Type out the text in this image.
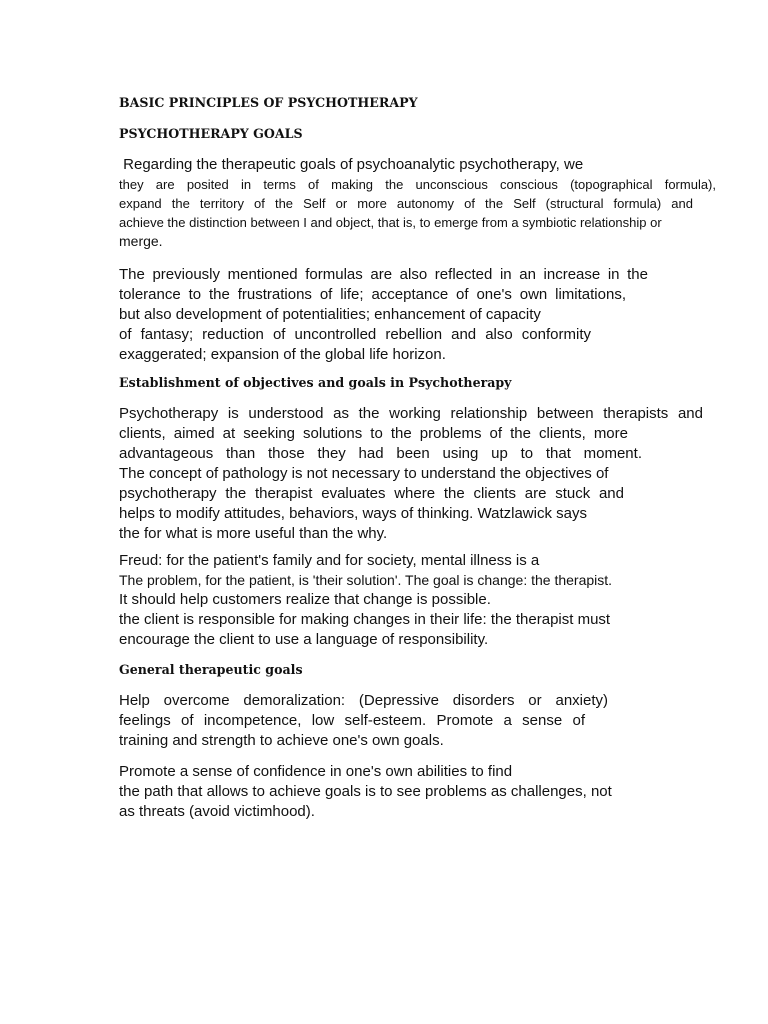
BASIC PRINCIPLES OF PSYCHOTHERAPY
PSYCHOTHERAPY GOALS
Regarding the therapeutic goals of psychoanalytic psychotherapy, we
they are posited in terms of making the unconscious conscious (topographical formula),
expand the territory of the Self or more autonomy of the Self (structural formula) and
achieve the distinction between I and object, that is, to emerge from a symbiotic relationship or
merge.
The previously mentioned formulas are also reflected in an increase in the
tolerance to the frustrations of life; acceptance of one's own limitations,
but also development of potentialities; enhancement of capacity
of fantasy; reduction of uncontrolled rebellion and also conformity
exaggerated; expansion of the global life horizon.
Establishment of objectives and goals in Psychotherapy
Psychotherapy is understood as the working relationship between therapists and
clients, aimed at seeking solutions to the problems of the clients, more
advantageous than those they had been using up to that moment.
The concept of pathology is not necessary to understand the objectives of
psychotherapy the therapist evaluates where the clients are stuck and
helps to modify attitudes, behaviors, ways of thinking. Watzlawick says
the for what is more useful than the why.
Freud: for the patient's family and for society, mental illness is a
The problem, for the patient, is 'their solution'. The goal is change: the therapist.
It should help customers realize that change is possible.
the client is responsible for making changes in their life: the therapist must
encourage the client to use a language of responsibility.
General therapeutic goals
Help overcome demoralization: (Depressive disorders or anxiety)
feelings of incompetence, low self-esteem. Promote a sense of
training and strength to achieve one's own goals.
Promote a sense of confidence in one's own abilities to find
the path that allows to achieve goals is to see problems as challenges, not
as threats (avoid victimhood).
